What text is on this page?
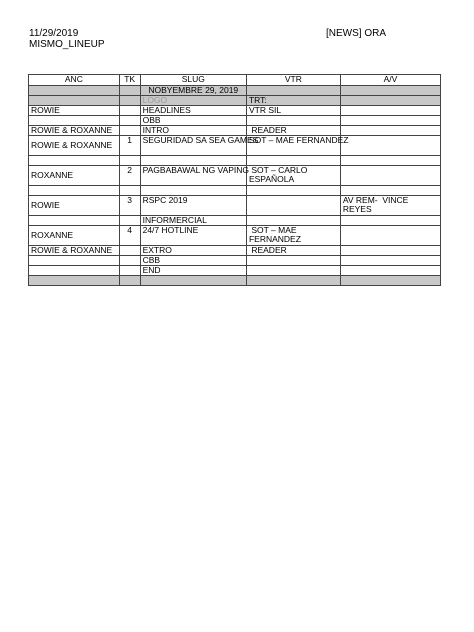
11/29/2019
MISMO_LINEUP
[NEWS] ORA
ANC	TK	SLUG	VTR	A/V
		NOBYEMBRE 29, 2019		
		LOGO	TRT:	
ROWIE		HEADLINES	VTR SIL	
		OBB		
ROWIE & ROXANNE		INTRO	READER	
ROWIE & ROXANNE	1	SEGURIDAD SA SEA GAMES	SOT – MAE FERNANDEZ	

ROXANNE	2	PAGBABAWAL NG VAPING	SOT – CARLO ESPAÑOLA	

ROWIE	3	RSPC 2019		AV REM-  VINCE REYES
		INFORMERCIAL		
ROXANNE	4	24/7 HOTLINE	SOT – MAE FERNANDEZ	
ROWIE & ROXANNE		EXTRO	READER	
		CBB		
		END		
